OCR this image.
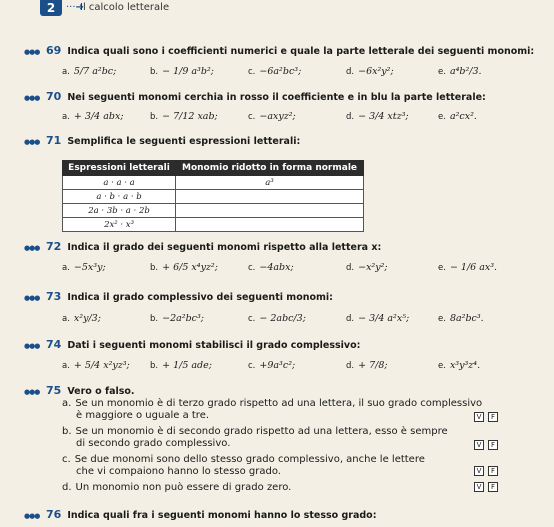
2	···➜
Il calcolo letterale
●●● 69 Indica quali sono i coefficienti numerici e quale la parte letterale dei seguenti monomi:
a. 5/7 a²bc;	b. − 1/9 a³b²;	c. −6a²bc³;	d. −6x²y²;	e. a⁴b²/3.
●●● 70 Nei seguenti monomi cerchia in rosso il coefficiente e in blu la parte letterale:
a. + 3/4 abx;	b. − 7/12 xab;	c. −axyz²;	d. − 3/4 xtz³;	e. a²cx².
●●● 71 Semplifica le seguenti espressioni letterali:
Espressioni letterali	Monomio ridotto in forma normale
a · a · a	a³
a · b · a · b	
2a · 3b · a · 2b	
2x² · x³	
●●● 72 Indica il grado dei seguenti monomi rispetto alla lettera x:
a. −5x³y;	b. + 6/5 x⁴yz²;	c. −4abx;	d. −x²y²;	e. − 1/6 ax³.
●●● 73 Indica il grado complessivo dei seguenti monomi:
a. x²y/3;	b. −2a²bc³;	c. − 2abc/3;	d. − 3/4 a²x⁵;	e. 8a²bc³.
●●● 74 Dati i seguenti monomi stabilisci il grado complessivo:
a. + 5/4 x²yz³; b. + 1/5 ade;	c. +9a³c²;	d. + 7/8;	e. x³y³z⁴.
●●● 75 Vero o falso.
a. Se un monomio è di terzo grado rispetto ad una lettera, il suo grado complessivo
è maggiore o uguale a tre.	V	F
b. Se un monomio è di secondo grado rispetto ad una lettera, esso è sempre
di secondo grado complessivo.	V	F
c. Se due monomi sono dello stesso grado complessivo, anche le lettere
che vi compaiono hanno lo stesso grado.	V	F
d. Un monomio non può essere di grado zero.	V	F
●●● 76 Indica quali fra i seguenti monomi hanno lo stesso grado:
